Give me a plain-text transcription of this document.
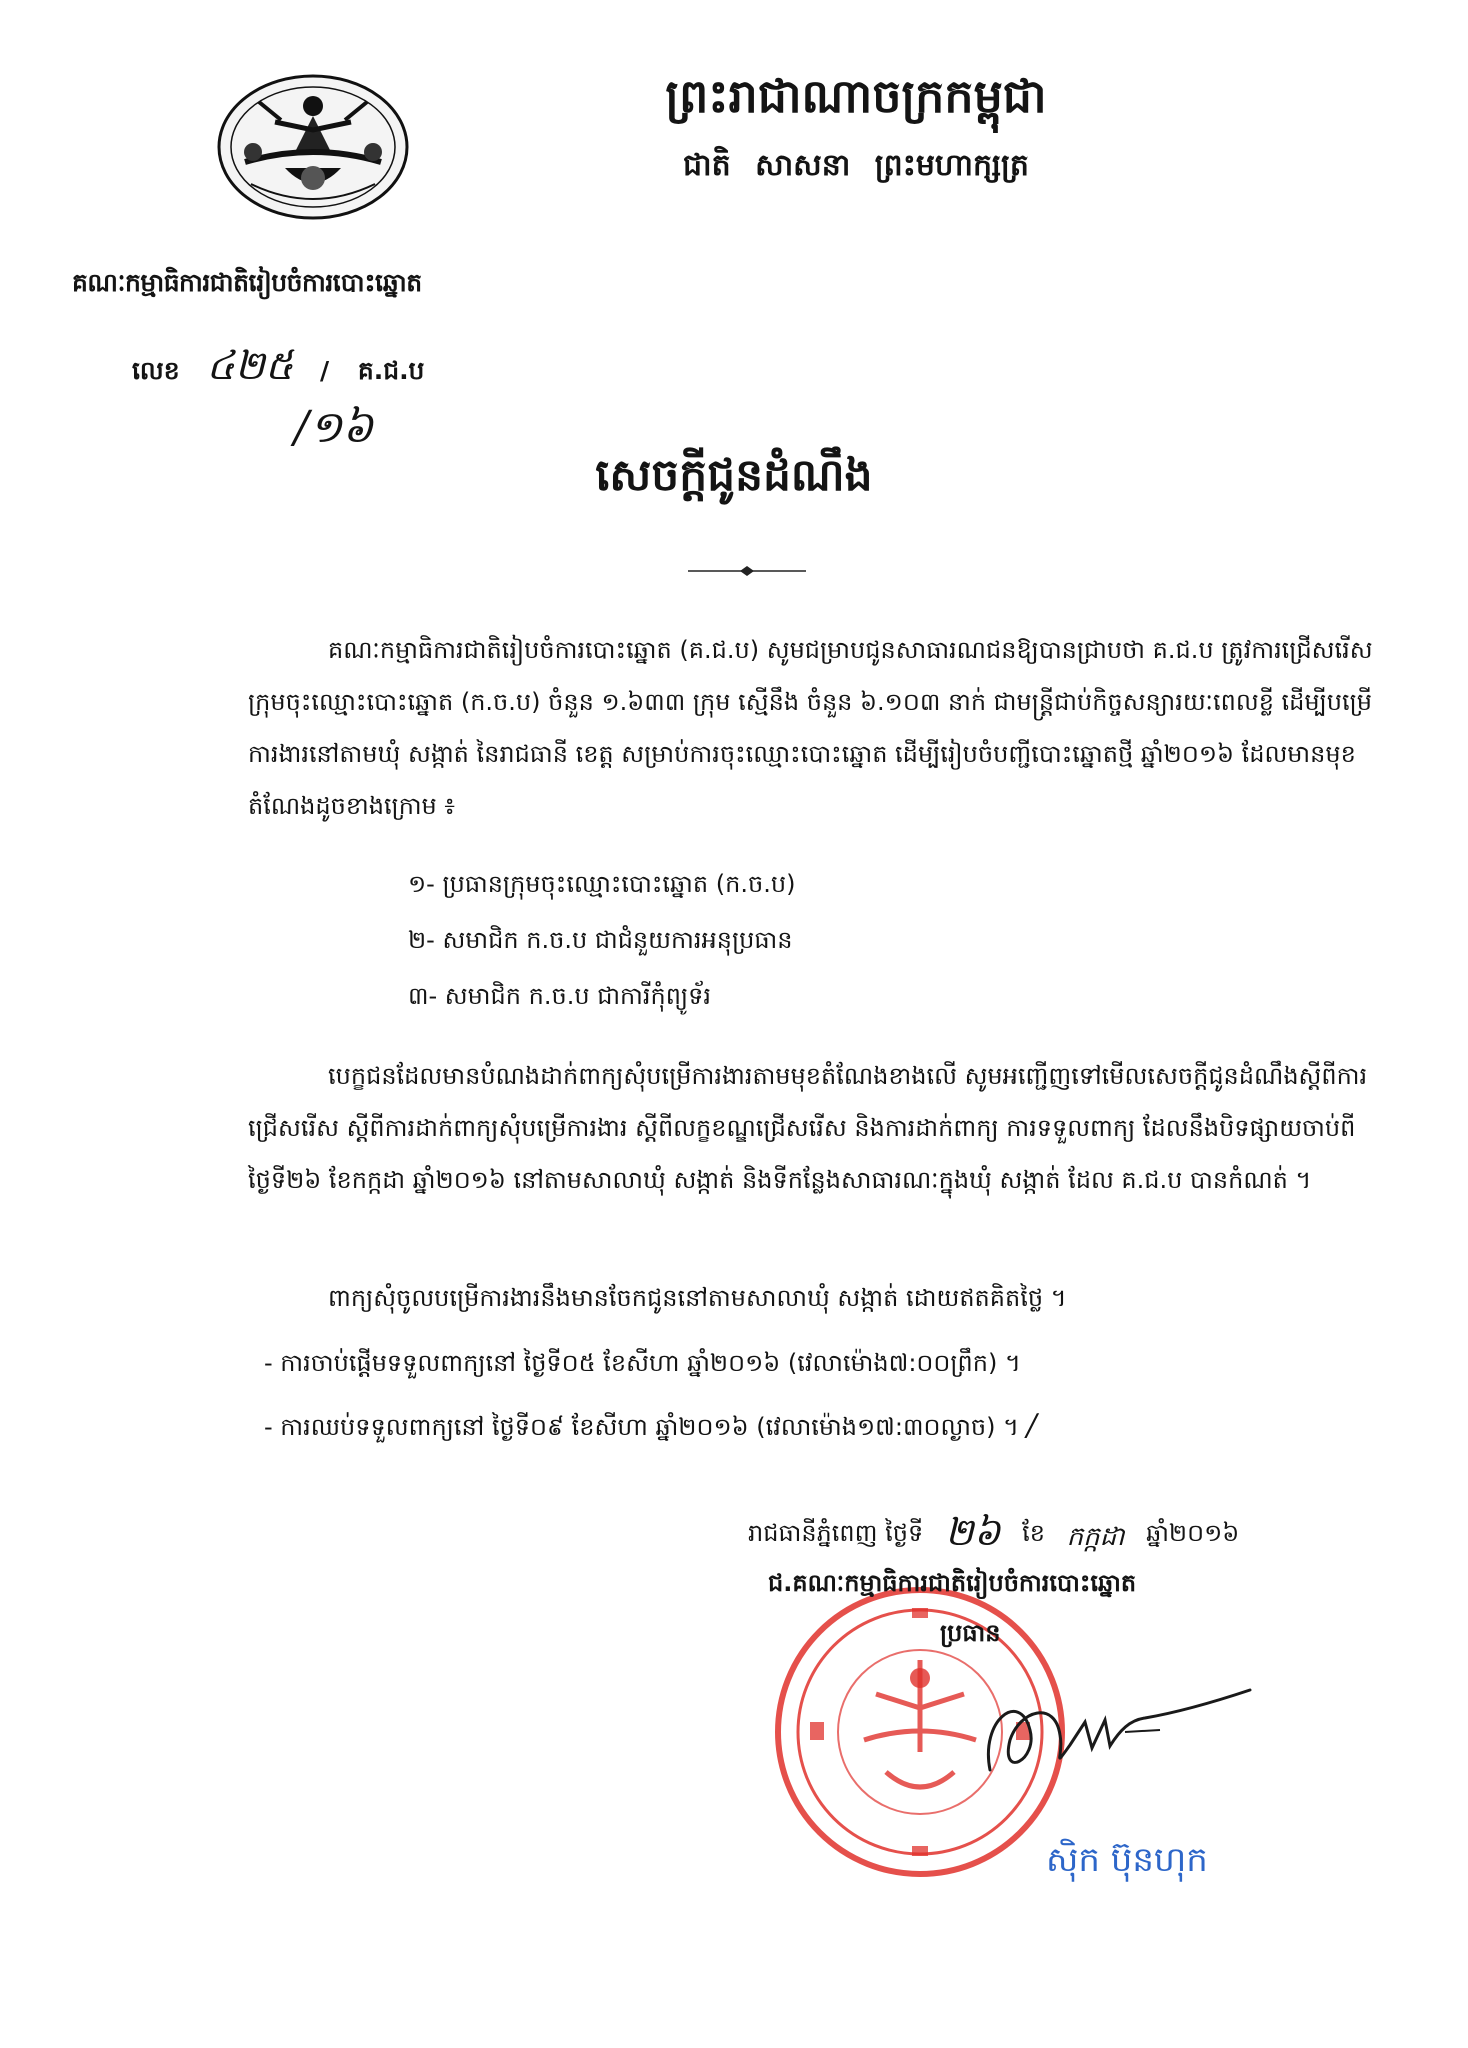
គណៈកម្មាធិការជាតិរៀបចំការបោះឆ្នោត
លេខ ៤២៥ / គ.ជ.ប
/១៦
ព្រះរាជាណាចក្រកម្ពុជា
ជាតិ សាសនា ព្រះមហាក្សត្រ
សេចក្តីជូនដំណឹង
គណៈកម្មាធិការជាតិរៀបចំការបោះឆ្នោត (គ.ជ.ប) សូមជម្រាបជូនសាធារណជនឱ្យបានជ្រាបថា គ.ជ.ប ត្រូវការជ្រើសរើសក្រុមចុះឈ្មោះបោះឆ្នោត (ក.ច.ប) ចំនួន ១.៦៣៣ ក្រុម ស្មើនឹង ចំនួន ៦.១០៣ នាក់ ជាមន្ត្រីជាប់កិច្ចសន្យារយៈពេលខ្លី ដើម្បីបម្រើការងារនៅតាមឃុំ សង្កាត់ នៃរាជធានី ខេត្ត សម្រាប់ការចុះឈ្មោះបោះឆ្នោត ដើម្បីរៀបចំបញ្ជីបោះឆ្នោតថ្មី ឆ្នាំ២០១៦ ដែលមានមុខតំណែងដូចខាងក្រោម ៖
១- ប្រធានក្រុមចុះឈ្មោះបោះឆ្នោត (ក.ច.ប)
២- សមាជិក ក.ច.ប ជាជំនួយការអនុប្រធាន
៣- សមាជិក ក.ច.ប ជាការីកុំព្យូទ័រ
បេក្ខជនដែលមានបំណងដាក់ពាក្យសុំបម្រើការងារតាមមុខតំណែងខាងលើ សូមអញ្ជើញទៅមើលសេចក្តីជូនដំណឹងស្តីពីការជ្រើសរើស ស្តីពីការដាក់ពាក្យសុំបម្រើការងារ ស្តីពីលក្ខខណ្ឌជ្រើសរើស និងការដាក់ពាក្យ ការទទួលពាក្យ ដែលនឹងបិទផ្សាយចាប់ពីថ្ងៃទី២៦ ខែកក្កដា ឆ្នាំ២០១៦ នៅតាមសាលាឃុំ សង្កាត់ និងទីកន្លែងសាធារណៈក្នុងឃុំ សង្កាត់ ដែល គ.ជ.ប បានកំណត់ ។
ពាក្យសុំចូលបម្រើការងារនឹងមានចែកជូននៅតាមសាលាឃុំ សង្កាត់ ដោយឥតគិតថ្លៃ ។
- ការចាប់ផ្តើមទទួលពាក្យនៅ ថ្ងៃទី០៥ ខែសីហា ឆ្នាំ២០១៦ (វេលាម៉ោង៧:០០ព្រឹក) ។
- ការឈប់ទទួលពាក្យនៅ ថ្ងៃទី០៩ ខែសីហា ឆ្នាំ២០១៦ (វេលាម៉ោង១៧:៣០ល្ងាច) ។ /
រាជធានីភ្នំពេញ ថ្ងៃទី ២៦ ខែ កក្កដា ឆ្នាំ២០១៦
ជ.គណៈកម្មាធិការជាតិរៀបចំការបោះឆ្នោត
ប្រធាន
ស៊ិក ប៊ុនហុក
